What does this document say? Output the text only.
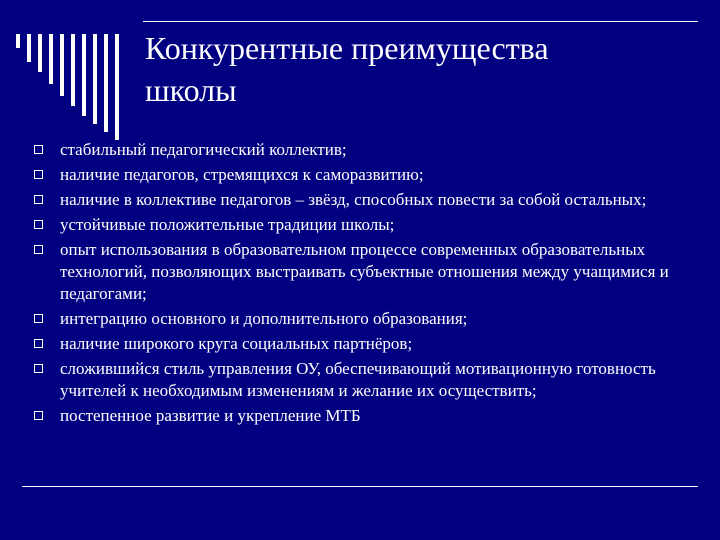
Конкурентные преимущества
школы
стабильный педагогический коллектив;
наличие педагогов, стремящихся к саморазвитию;
наличие в коллективе педагогов – звёзд, способных повести за собой остальных;
устойчивые положительные традиции школы;
опыт использования в образовательном процессе современных образовательных технологий, позволяющих выстраивать субъектные отношения между учащимися и педагогами;
интеграцию основного и дополнительного образования;
наличие широкого круга социальных партнёров;
сложившийся стиль управления ОУ, обеспечивающий мотивационную готовность учителей к необходимым изменениям и желание их осуществить;
постепенное развитие и укрепление МТБ
